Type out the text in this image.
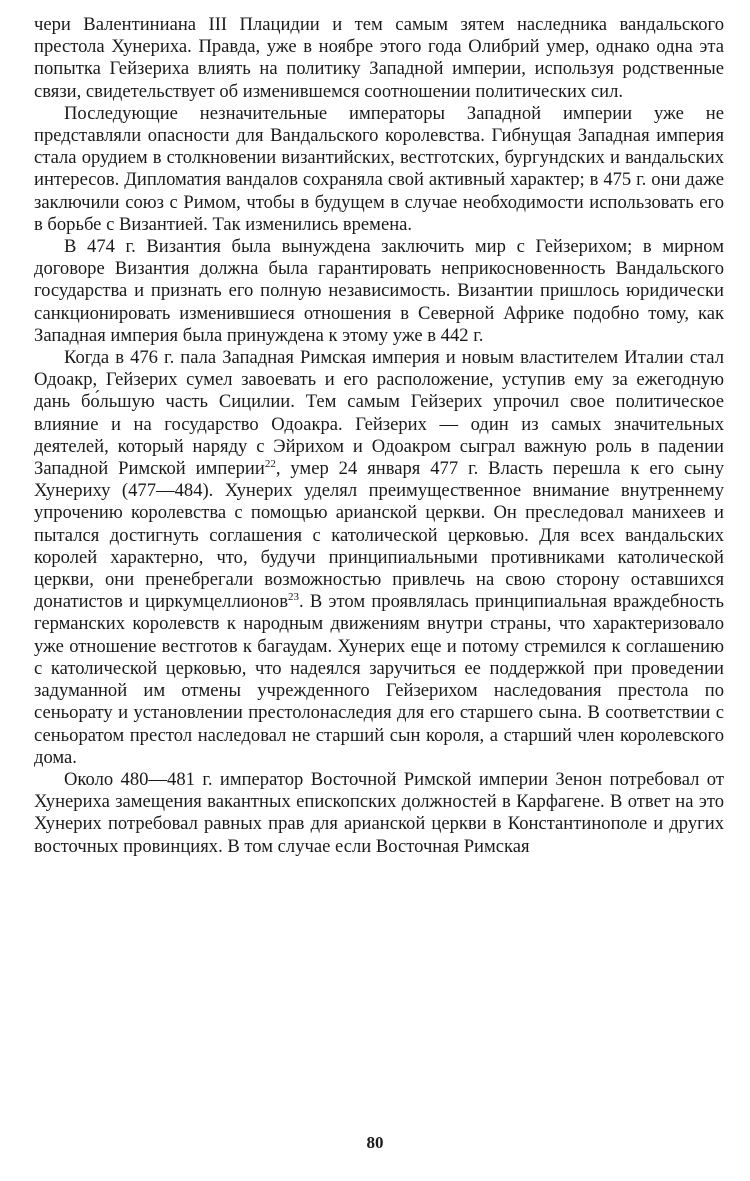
чери Валентиниана III Плацидии и тем самым зятем наследника вандальского престола Хунериха. Правда, уже в ноябре этого года Олибрий умер, однако одна эта попытка Гейзериха влиять на политику Западной империи, используя родственные связи, свидетельствует об изменившемся соотношении политических сил.

Последующие незначительные императоры Западной империи уже не представляли опасности для Вандальского королевства. Гибнущая Западная империя стала орудием в столкновении византийских, вестготских, бургундских и вандальских интересов. Дипломатия вандалов сохраняла свой активный характер; в 475 г. они даже заключили союз с Римом, чтобы в будущем в случае необходимости использовать его в борьбе с Византией. Так изменились времена.

В 474 г. Византия была вынуждена заключить мир с Гейзерихом; в мирном договоре Византия должна была гарантировать неприкосновенность Вандальского государства и признать его полную независимость. Византии пришлось юридически санкционировать изменившиеся отношения в Северной Африке подобно тому, как Западная империя была принуждена к этому уже в 442 г.

Когда в 476 г. пала Западная Римская империя и новым властителем Италии стал Одоакр, Гейзерих сумел завоевать и его расположение, уступив ему за ежегодную дань бо́льшую часть Сицилии. Тем самым Гейзерих упрочил свое политическое влияние и на государство Одоакра. Гейзерих — один из самых значительных деятелей, который наряду с Эйрихом и Одоакром сыграл важную роль в падении Западной Римской империи$^{22}$, умер 24 января 477 г. Власть перешла к его сыну Хунериху (477—484). Хунерих уделял преимущественное внимание внутреннему упрочению королевства с помощью арианской церкви. Он преследовал манихеев и пытался достигнуть соглашения с католической церковью. Для всех вандальских королей характерно, что, будучи принципиальными противниками католической церкви, они пренебрегали возможностью привлечь на свою сторону оставшихся донатистов и циркумцеллионов$^{23}$. В этом проявлялась принципиальная враждебность германских королевств к народным движениям внутри страны, что характеризовало уже отношение вестготов к багаудам. Хунерих еще и потому стремился к соглашению с католической церковью, что надеялся заручиться ее поддержкой при проведении задуманной им отмены учрежденного Гейзерихом наследования престола по сеньорату и установлении престолонаследия для его старшего сына. В соответствии с сеньоратом престол наследовал не старший сын короля, а старший член королевского дома.

Около 480—481 г. император Восточной Римской империи Зенон потребовал от Хунериха замещения вакантных епископских должностей в Карфагене. В ответ на это Хунерих потребовал равных прав для арианской церкви в Константинополе и других восточных провинциях. В том случае если Восточная Римская

80
